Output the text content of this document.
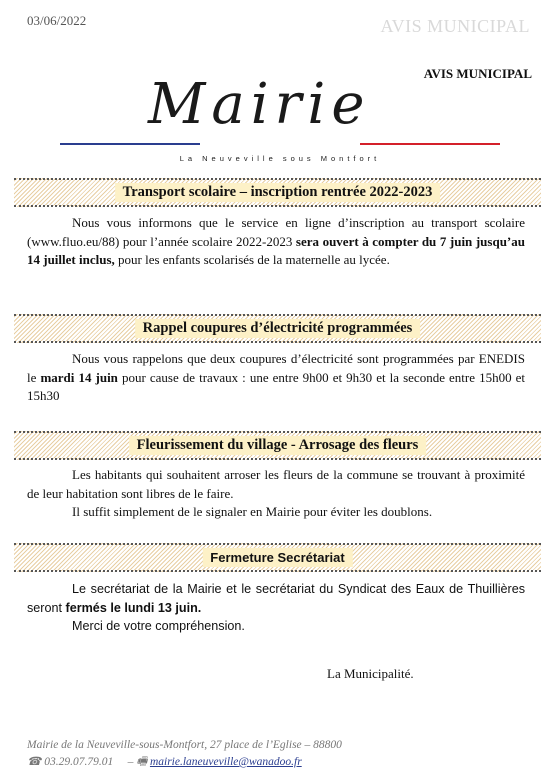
03/06/2022	AVIS MUNICIPAL
AVIS MUNICIPAL
Mairie
La Neuveville sous Montfort
Transport scolaire – inscription rentrée 2022-2023

Nous vous informons que le service en ligne d’inscription au transport scolaire (www.fluo.eu/88) pour l’année scolaire 2022-2023 sera ouvert à compter du 7 juin jusqu’au 14 juillet inclus, pour les enfants scolarisés de la maternelle au lycée.

Rappel coupures d’électricité programmées

Nous vous rappelons que deux coupures d’électricité sont programmées par ENEDIS le mardi 14 juin pour cause de travaux : une entre 9h00 et 9h30 et la seconde entre 15h00 et 15h30

Fleurissement du village - Arrosage des fleurs

Les habitants qui souhaitent arroser les fleurs de la commune se trouvant à proximité de leur habitation sont libres de le faire.

Il suffit simplement de le signaler en Mairie pour éviter les doublons.

Fermeture Secrétariat

Le secrétariat de la Mairie et le secrétariat du Syndicat des Eaux de Thuillières seront fermés le lundi 13 juin.

Merci de votre compréhension.

La Municipalité.
Mairie de la Neuveville-sous-Montfort, 27 place de l’Eglise – 88800
☎ 03.29.07.79.01     – 🖷 mairie.laneuveville@wanadoo.fr
